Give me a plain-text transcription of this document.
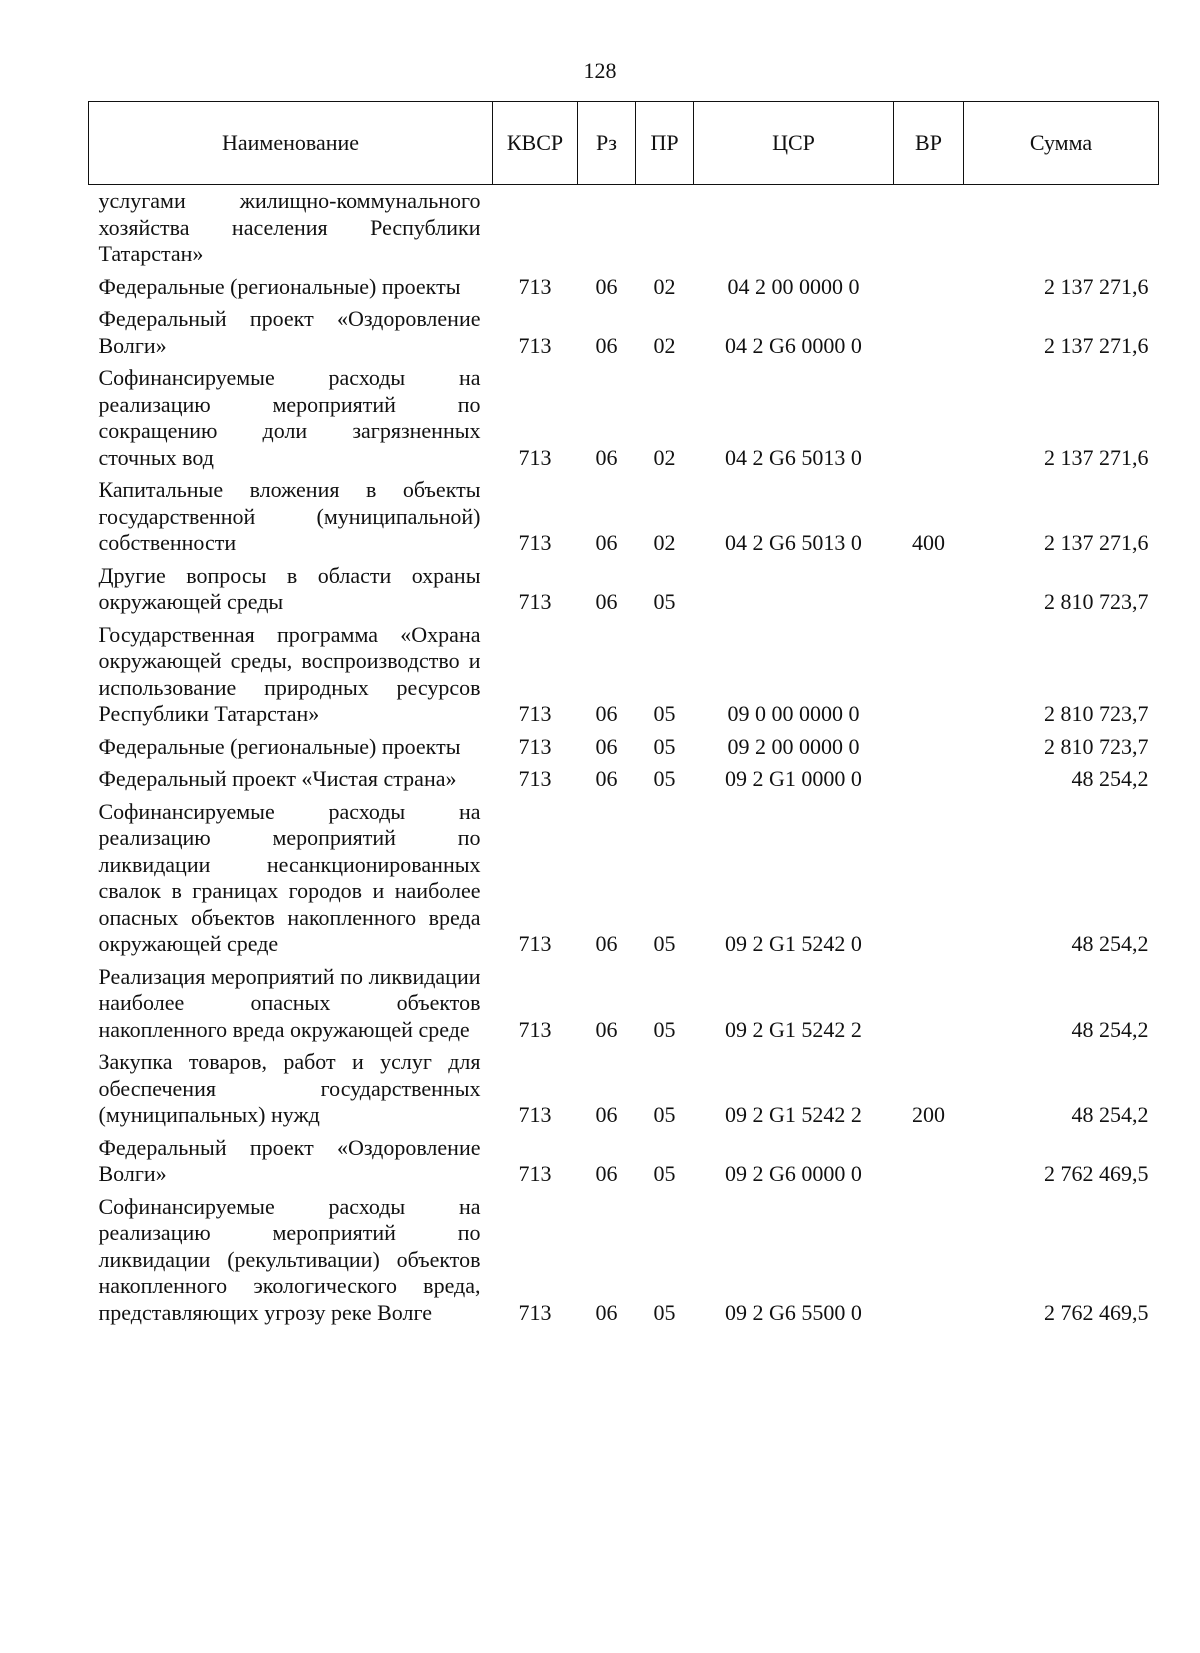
128
Наименование	КВСР	Рз	ПР	ЦСР	ВР	Сумма
услугами жилищно-коммунального хозяйства населения Республики Татарстан»						
Федеральные (региональные) проекты	713	06	02	04 2 00 0000 0		2 137 271,6
Федеральный проект «Оздоровление Волги»	713	06	02	04 2 G6 0000 0		2 137 271,6
Софинансируемые расходы на реализацию мероприятий по сокращению доли загрязненных сточных вод	713	06	02	04 2 G6 5013 0		2 137 271,6
Капитальные вложения в объекты государственной (муниципальной) собственности	713	06	02	04 2 G6 5013 0	400	2 137 271,6
Другие вопросы в области охраны окружающей среды	713	06	05			2 810 723,7
Государственная программа «Охрана окружающей среды, воспроизводство и использование природных ресурсов Республики Татарстан»	713	06	05	09 0 00 0000 0		2 810 723,7
Федеральные (региональные) проекты	713	06	05	09 2 00 0000 0		2 810 723,7
Федеральный проект «Чистая страна»	713	06	05	09 2 G1 0000 0		48 254,2
Софинансируемые расходы на реализацию мероприятий по ликвидации несанкционированных свалок в границах городов и наиболее опасных объектов накопленного вреда окружающей среде	713	06	05	09 2 G1 5242 0		48 254,2
Реализация мероприятий по ликвидации наиболее опасных объектов накопленного вреда окружающей среде	713	06	05	09 2 G1 5242 2		48 254,2
Закупка товаров, работ и услуг для обеспечения государственных (муниципальных) нужд	713	06	05	09 2 G1 5242 2	200	48 254,2
Федеральный проект «Оздоровление Волги»	713	06	05	09 2 G6 0000 0		2 762 469,5
Софинансируемые расходы на реализацию мероприятий по ликвидации (рекультивации) объектов накопленного экологического вреда, представляющих угрозу реке Волге	713	06	05	09 2 G6 5500 0		2 762 469,5
